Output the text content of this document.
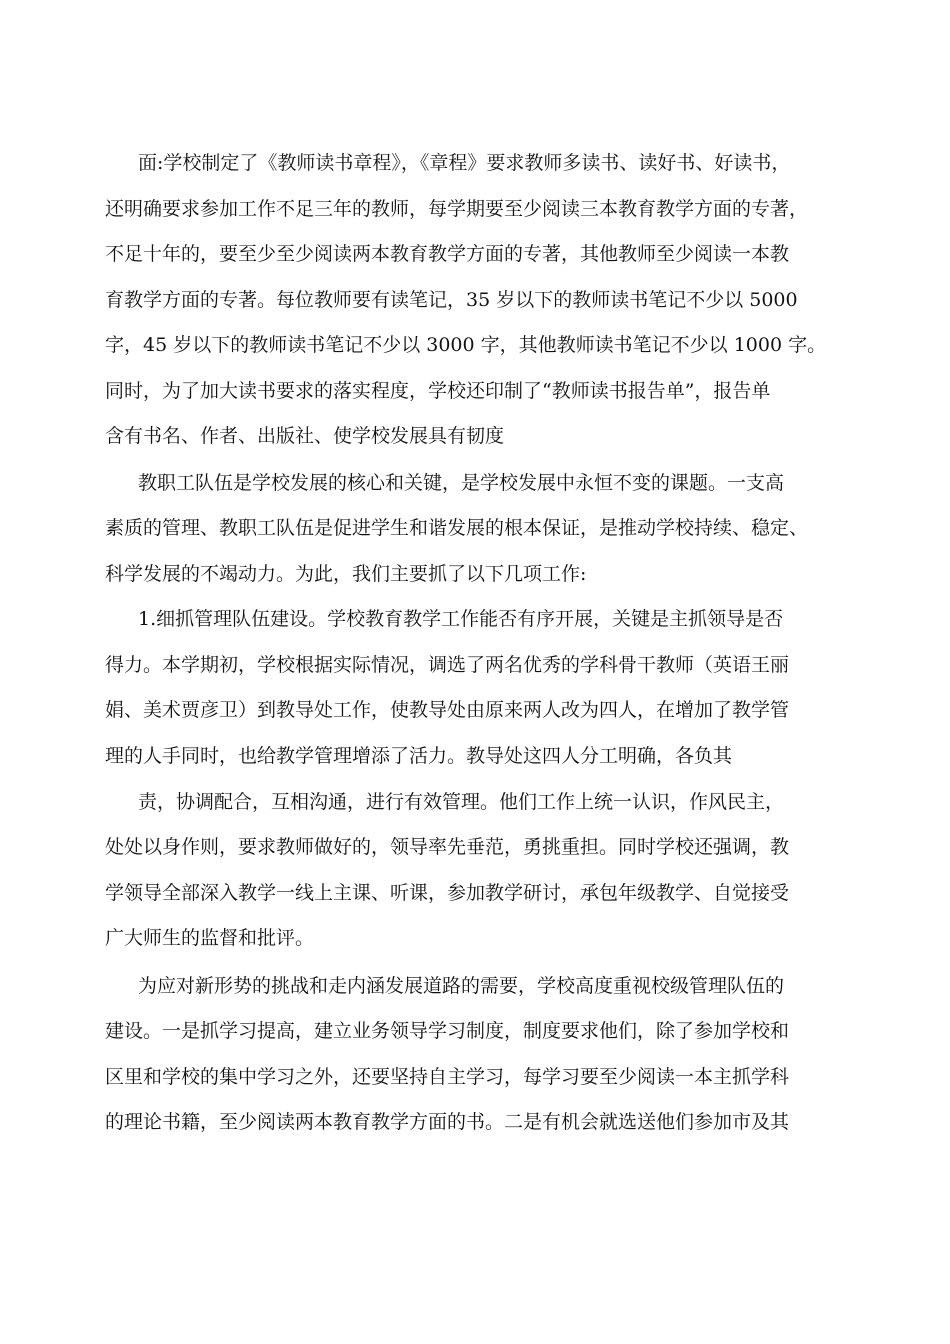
面:学校制定了《教师读书章程》，《章程》要求教师多读书、读好书、好读书，

还明确要求参加工作不足三年的教师，每学期要至少阅读三本教育教学方面的专著，

不足十年的，要至少至少阅读两本教育教学方面的专著，其他教师至少阅读一本教

育教学方面的专著。每位教师要有读笔记，35 岁以下的教师读书笔记不少以 5000

字，45 岁以下的教师读书笔记不少以 3000 字，其他教师读书笔记不少以 1000 字。

同时，为了加大读书要求的落实程度，学校还印制了“教师读书报告单”，报告单

含有书名、作者、出版社、使学校发展具有韧度

教职工队伍是学校发展的核心和关键，是学校发展中永恒不变的课题。一支高

素质的管理、教职工队伍是促进学生和谐发展的根本保证，是推动学校持续、稳定、

科学发展的不竭动力。为此，我们主要抓了以下几项工作:

1.细抓管理队伍建设。学校教育教学工作能否有序开展，关键是主抓领导是否

得力。本学期初，学校根据实际情况，调选了两名优秀的学科骨干教师（英语王丽

娟、美术贾彦卫）到教导处工作，使教导处由原来两人改为四人，在增加了教学管

理的人手同时，也给教学管理增添了活力。教导处这四人分工明确，各负其

责，协调配合，互相沟通，进行有效管理。他们工作上统一认识，作风民主，

处处以身作则，要求教师做好的，领导率先垂范，勇挑重担。同时学校还强调，教

学领导全部深入教学一线上主课、听课，参加教学研讨，承包年级教学、自觉接受

广大师生的监督和批评。

为应对新形势的挑战和走内涵发展道路的需要，学校高度重视校级管理队伍的

建设。一是抓学习提高，建立业务领导学习制度，制度要求他们，除了参加学校和

区里和学校的集中学习之外，还要坚持自主学习，每学习要至少阅读一本主抓学科

的理论书籍，至少阅读两本教育教学方面的书。二是有机会就选送他们参加市及其
